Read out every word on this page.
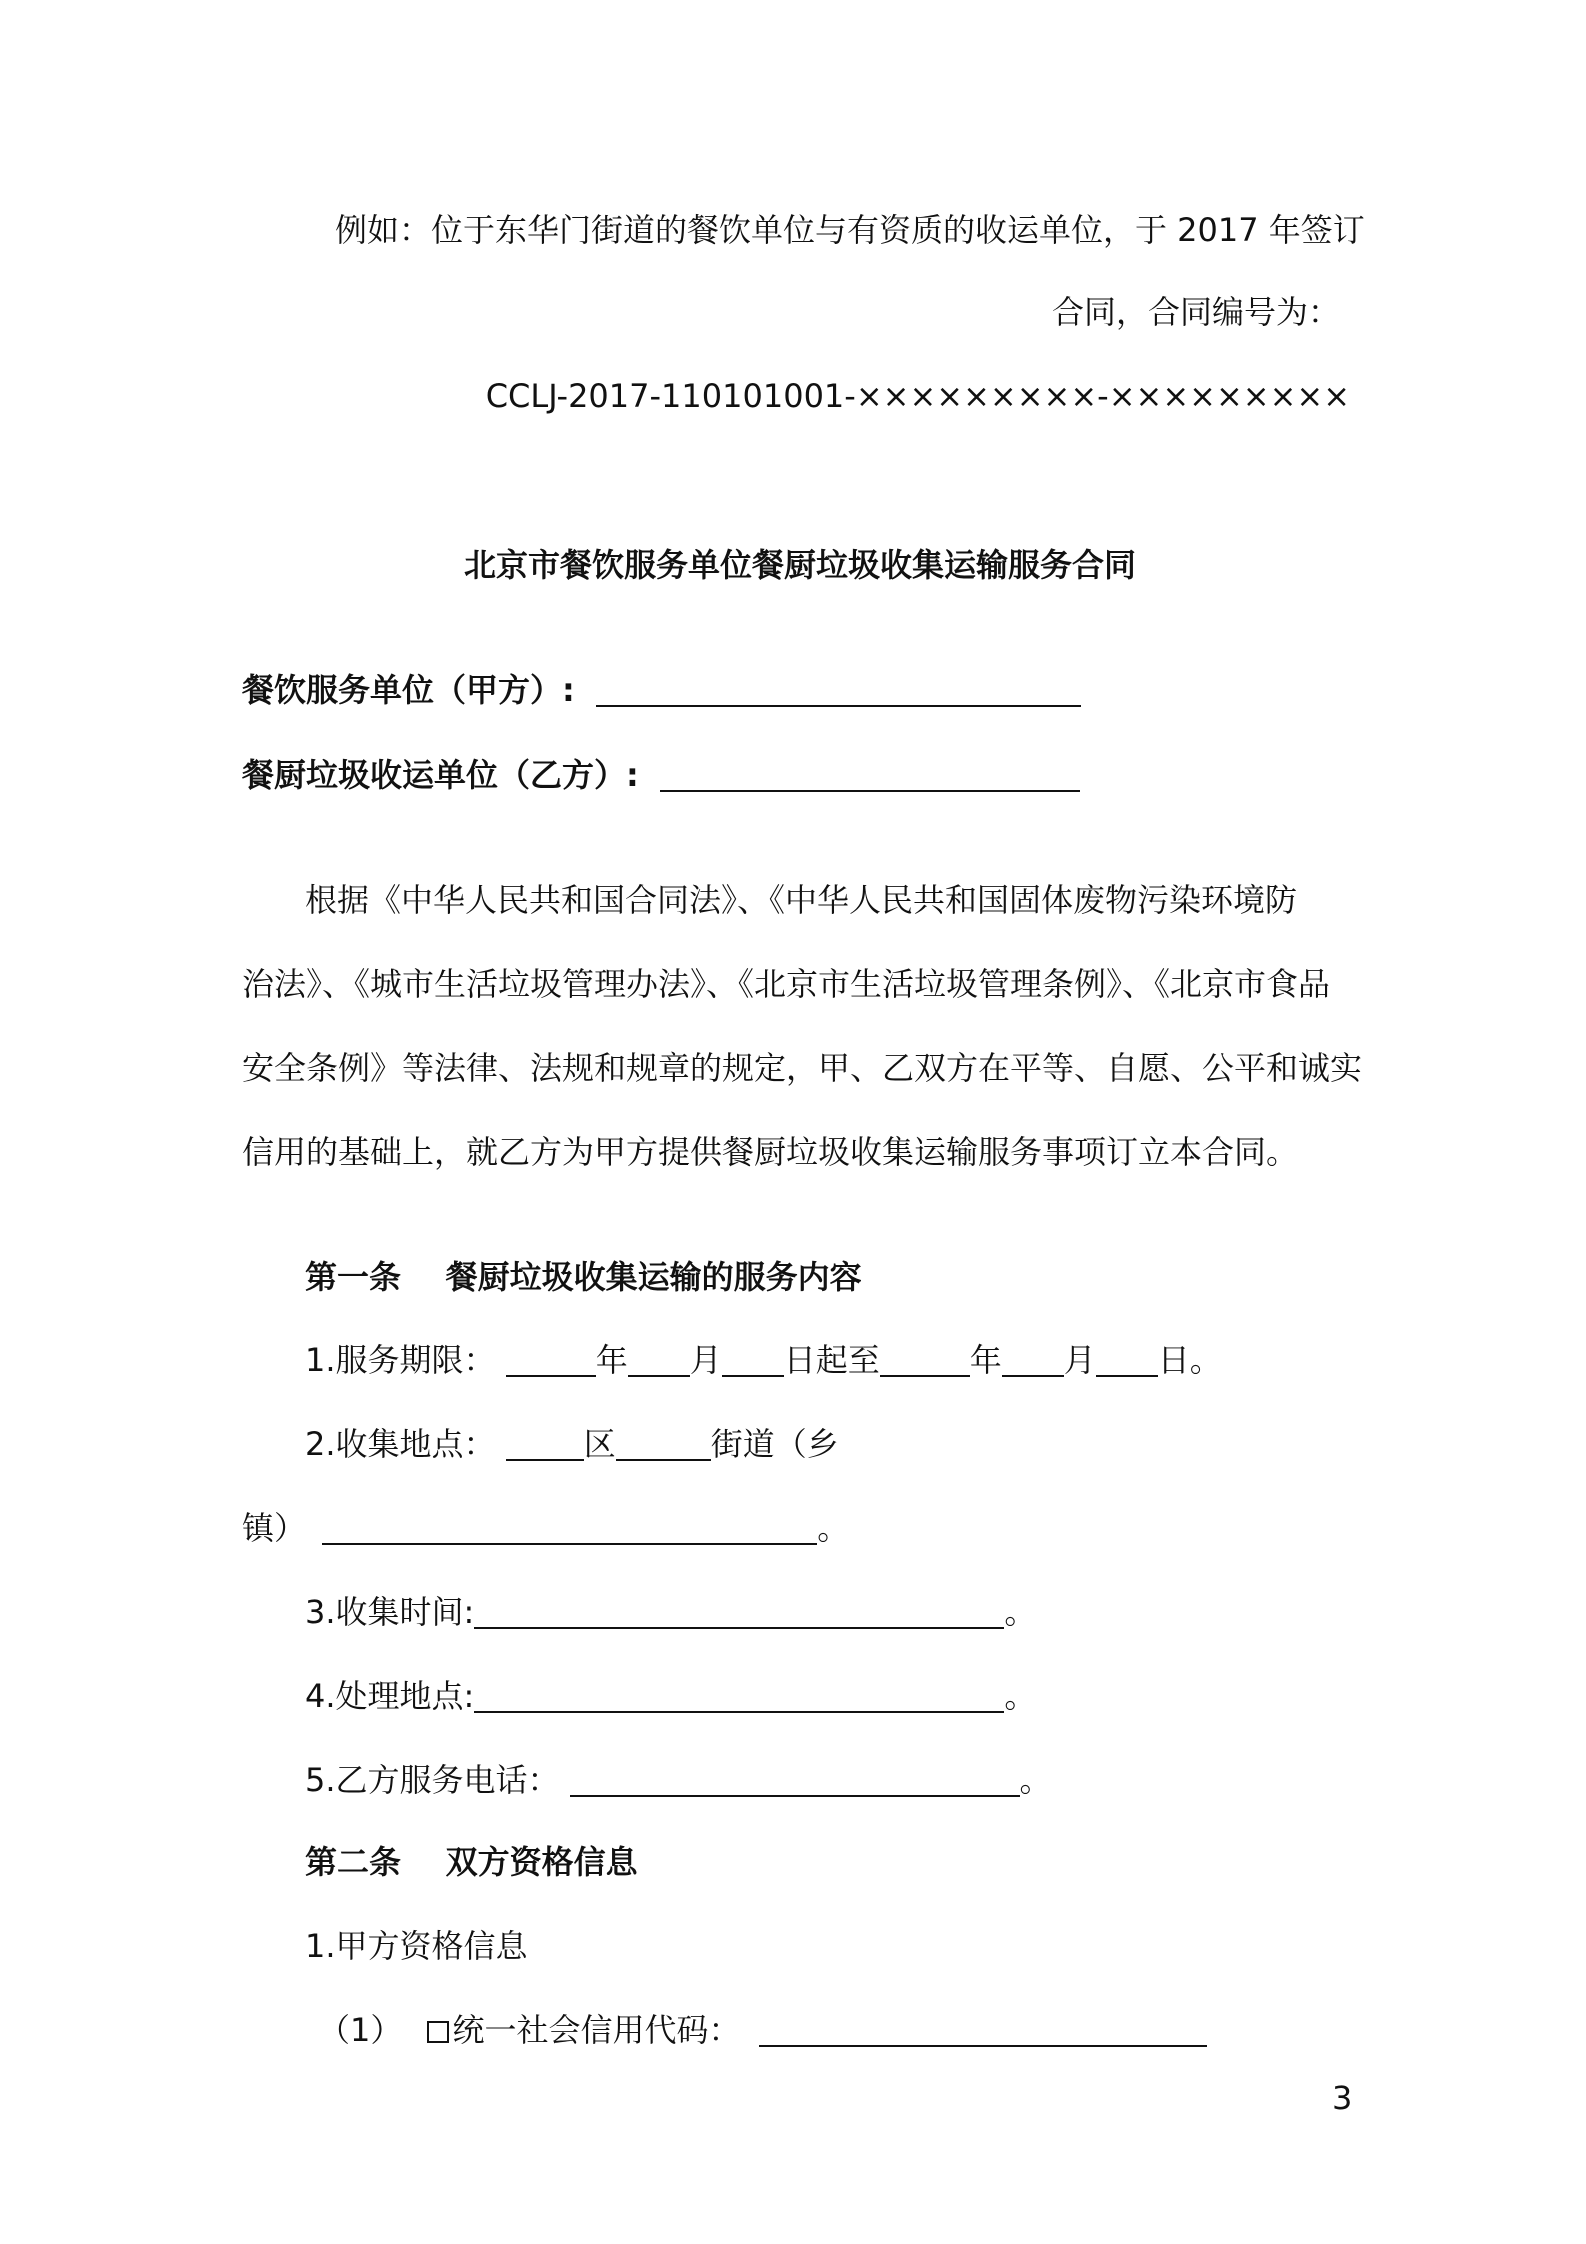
例如：位于东华门街道的餐饮单位与有资质的收运单位，于 2017 年签订
合同，合同编号为：
CCLJ-2017-110101001-×××××××××-×××××××××
北京市餐饮服务单位餐厨垃圾收集运输服务合同
餐饮服务单位（甲方）:
餐厨垃圾收运单位（乙方）:
根据《中华人民共和国合同法》、《中华人民共和国固体废物污染环境防
治法》、《城市生活垃圾管理办法》、《北京市生活垃圾管理条例》、《北京市食品
安全条例》等法律、法规和规章的规定，甲、乙双方在平等、自愿、公平和诚实
信用的基础上，就乙方为甲方提供餐厨垃圾收集运输服务事项订立本合同。
第一条    餐厨垃圾收集运输的服务内容
1.服务期限：	年 月 日起至	年 月 日。
2.收集地点：	区	街道（乡
镇）	。
3.收集时间:	。
4.处理地点:	。
5.乙方服务电话：	。
第二条    双方资格信息
1.甲方资格信息
（1） 统一社会信用代码：
3
